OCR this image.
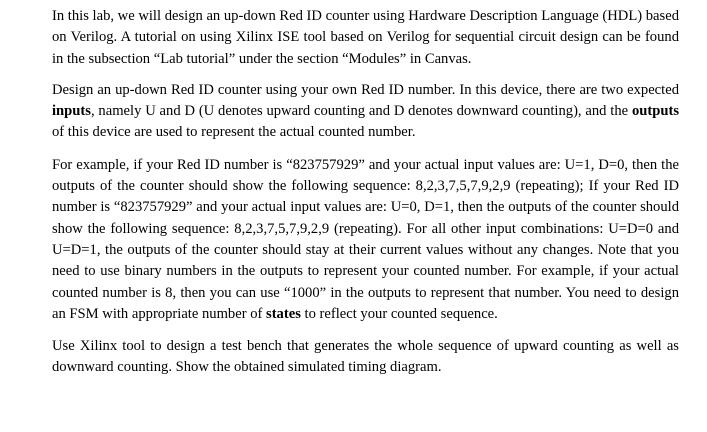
In this lab, we will design an up-down Red ID counter using Hardware Description Language (HDL) based on Verilog. A tutorial on using Xilinx ISE tool based on Verilog for sequential circuit design can be found in the subsection “Lab tutorial” under the section “Modules” in Canvas.

Design an up-down Red ID counter using your own Red ID number. In this device, there are two expected inputs, namely U and D (U denotes upward counting and D denotes downward counting), and the outputs of this device are used to represent the actual counted number.

For example, if your Red ID number is “823757929” and your actual input values are: U=1, D=0, then the outputs of the counter should show the following sequence: 8,2,3,7,5,7,9,2,9 (repeating); If your Red ID number is “823757929” and your actual input values are: U=0, D=1, then the outputs of the counter should show the following sequence: 8,2,3,7,5,7,9,2,9 (repeating). For all other input combinations: U=D=0 and U=D=1, the outputs of the counter should stay at their current values without any changes. Note that you need to use binary numbers in the outputs to represent your counted number. For example, if your actual counted number is 8, then you can use “1000” in the outputs to represent that number. You need to design an FSM with appropriate number of states to reflect your counted sequence.

Use Xilinx tool to design a test bench that generates the whole sequence of upward counting as well as downward counting. Show the obtained simulated timing diagram.
